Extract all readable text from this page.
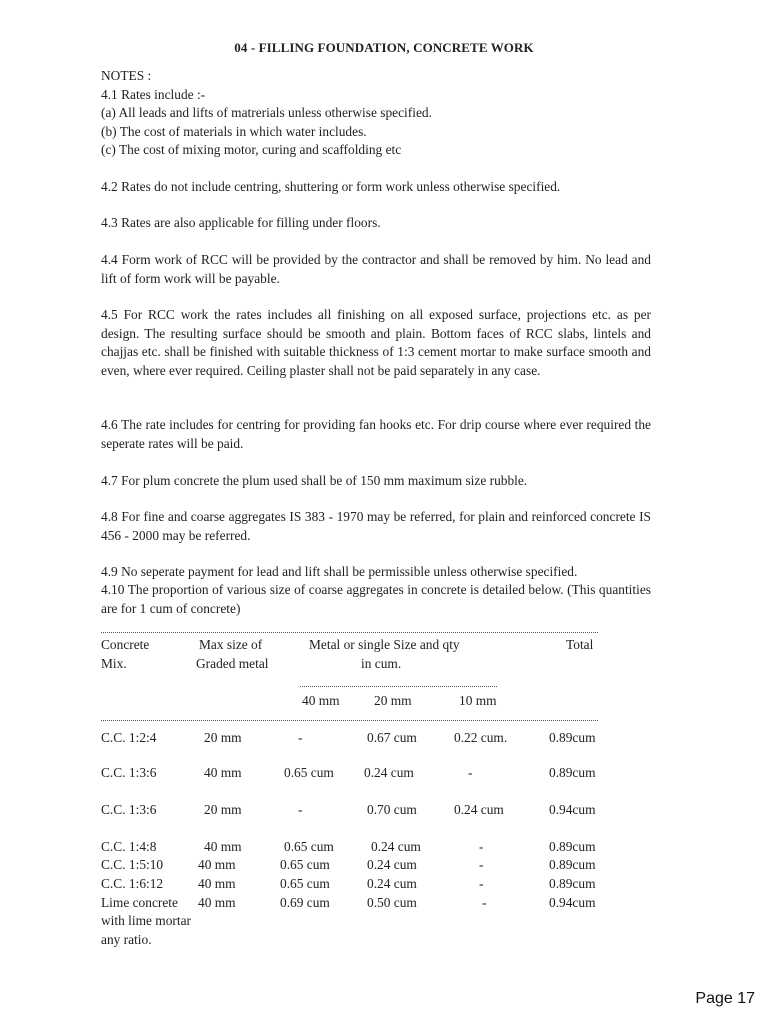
04 - FILLING FOUNDATION, CONCRETE WORK

NOTES :

4.1 Rates include :-

(a) All leads and lifts of matrerials unless otherwise specified.

(b) The cost of materials in which water includes.

(c) The cost of mixing motor, curing and scaffolding etc

4.2 Rates do not include centring, shuttering or form work unless otherwise specified.
4.3 Rates are also applicable for filling under floors.
4.4 Form work of RCC will be provided by the contractor and shall be removed by him. No lead and lift of form work will be payable.
4.5 For RCC work the rates includes all finishing on all exposed surface, projections etc. as per design. The resulting surface should be smooth and plain. Bottom faces of RCC slabs, lintels and chajjas etc. shall be finished with suitable thickness of 1:3 cement mortar to make surface smooth and even, where ever required. Ceiling plaster shall not be paid separately in any case.
4.6 The rate includes for centring for providing fan hooks etc. For drip course where ever required the seperate rates will be paid.
4.7 For plum concrete the plum used shall be of 150 mm maximum size rubble.
4.8 For fine and coarse aggregates IS 383 - 1970 may be referred, for plain and reinforced concrete IS 456 - 2000 may be referred.
4.9 No seperate payment for lead and lift shall be permissible unless otherwise specified.
4.10 The proportion of various size of coarse aggregates in concrete is detailed below. (This quantities are for 1 cum of concrete)
Concrete
Mix.
Max size of
Graded metal
Metal or single Size and qty
in cum.
Total
40 mm	20 mm	10 mm
C.C. 1:2:4	20 mm	-	0.67 cum	0.22 cum.	0.89cum
C.C. 1:3:6	40 mm	0.65 cum 0.24 cum	-	0.89cum
C.C. 1:3:6	20 mm	-	0.70 cum	0.24 cum	0.94cum
C.C. 1:4:8	40 mm	0.65 cum	0.24 cum	-	0.89cum
C.C. 1:5:10	40 mm	0.65 cum	0.24 cum	-	0.89cum
C.C. 1:6:12	40 mm	0.65 cum	0.24 cum	-	0.89cum
Lime concrete
with lime mortar
any ratio.
40 mm	0.69 cum	0.50 cum	-	0.94cum
Page 17
